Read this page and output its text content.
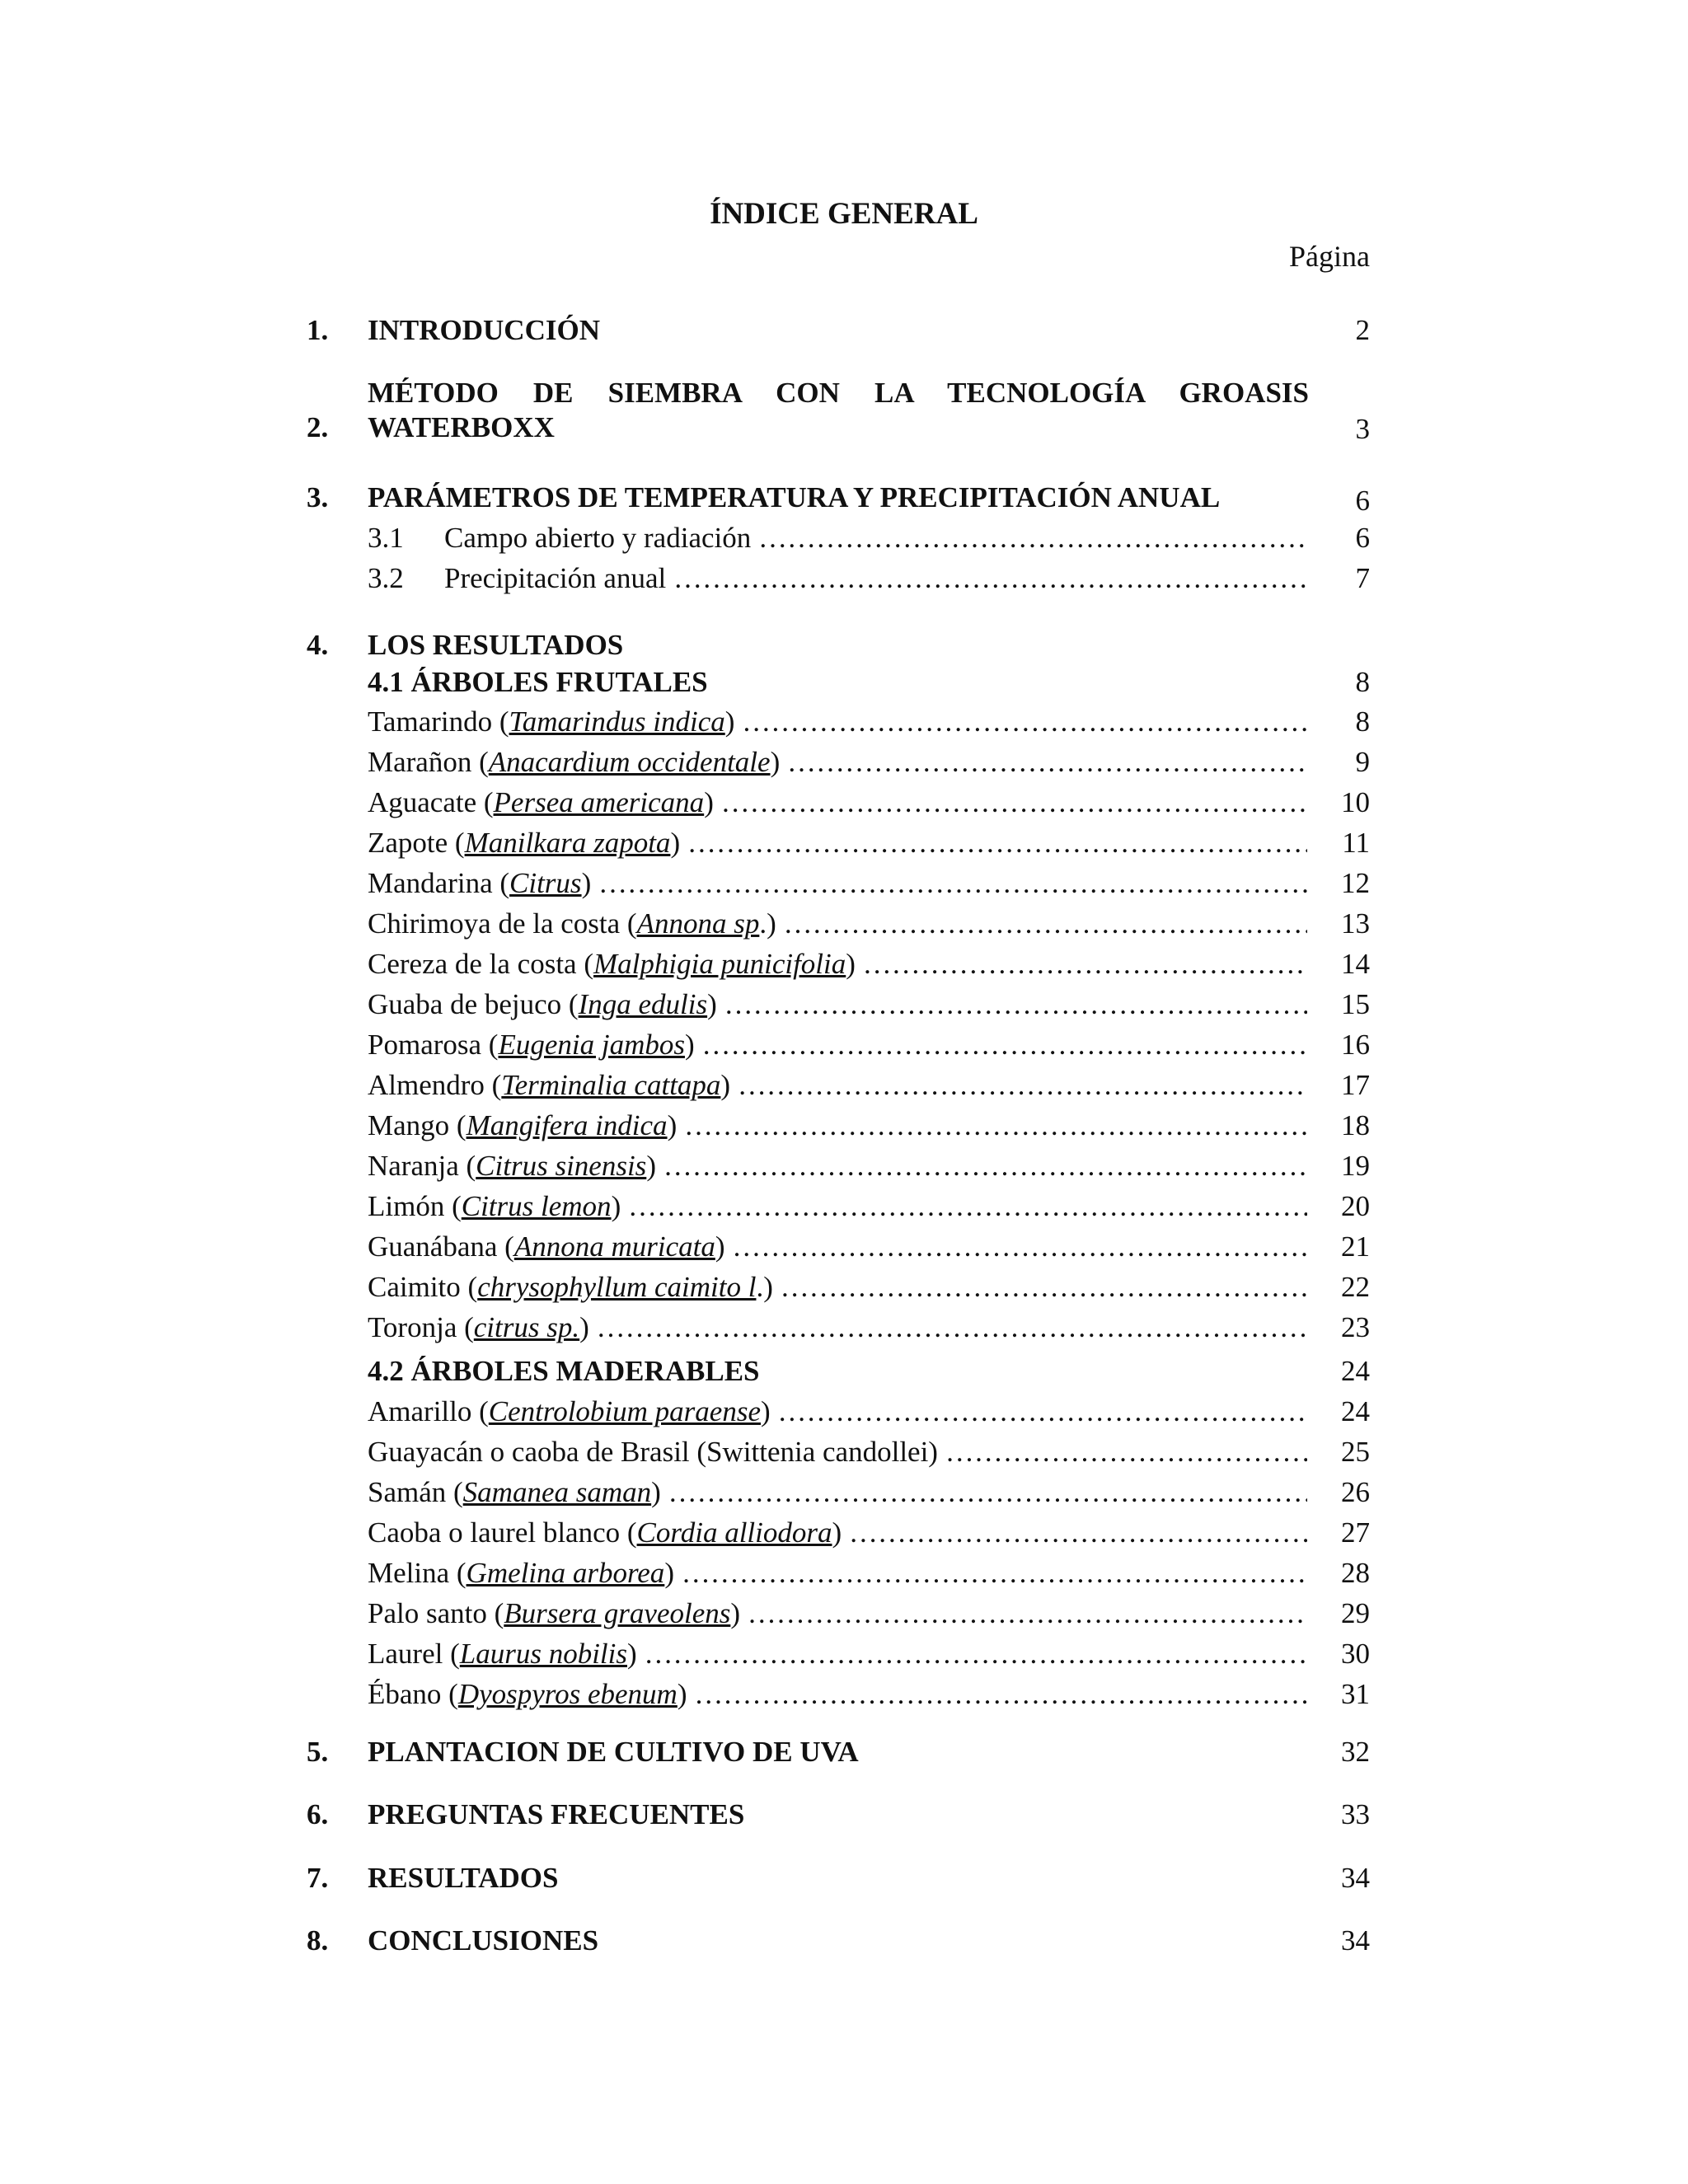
ÍNDICE GENERAL
Página
1. INTRODUCCIÓN	2
2.
MÉTODO DE SIEMBRA CON LA TECNOLOGÍA GROASIS
WATERBOXX	3
3. PARÁMETROS DE TEMPERATURA Y PRECIPITACIÓN ANUAL	6
3.1 Campo abierto y radiación ……………………………………………………………………………………………	6
3.2 Precipitación anual ……………………………………………………………………………………………	7
4. LOS RESULTADOS
4.1 ÁRBOLES FRUTALES	8
Tamarindo (Tamarindus indica) ……………………………………………………………………………………………………	8
Marañon (Anacardium occidentale) ……………………………………………………………………………………………………	9
Aguacate (Persea americana) ……………………………………………………………………………………………………	10
Zapote (Manilkara zapota) ……………………………………………………………………………………………………	11
Mandarina (Citrus) ……………………………………………………………………………………………………	12
Chirimoya de la costa (Annona sp.) ……………………………………………………………………………………………………	13
Cereza de la costa (Malphigia punicifolia) ……………………………………………………………………………………………………	14
Guaba de bejuco (Inga edulis) ……………………………………………………………………………………………………	15
Pomarosa (Eugenia jambos) ……………………………………………………………………………………………………	16
Almendro (Terminalia cattapa) ……………………………………………………………………………………………………	17
Mango (Mangifera indica) ……………………………………………………………………………………………………	18
Naranja (Citrus sinensis) ……………………………………………………………………………………………………	19
Limón (Citrus lemon) ……………………………………………………………………………………………………	20
Guanábana (Annona muricata) ……………………………………………………………………………………………………	21
Caimito (chrysophyllum caimito l.) ……………………………………………………………………………………………………	22
Toronja (citrus sp.) ……………………………………………………………………………………………………	23
4.2 ÁRBOLES MADERABLES	24
Amarillo (Centrolobium paraense) ……………………………………………………………………………………………………	24
Guayacán o caoba de Brasil (Swittenia candollei) ……………………………………………………………………………………………………	25
Samán (Samanea saman) ……………………………………………………………………………………………………	26
Caoba o laurel blanco (Cordia alliodora) ……………………………………………………………………………………………………	27
Melina (Gmelina arborea) ……………………………………………………………………………………………………	28
Palo santo (Bursera graveolens) ……………………………………………………………………………………………………	29
Laurel (Laurus nobilis) ……………………………………………………………………………………………………	30
Ébano (Dyospyros ebenum) ……………………………………………………………………………………………………	31
5. PLANTACION DE CULTIVO DE UVA	32
6. PREGUNTAS FRECUENTES	33
7. RESULTADOS	34
8. CONCLUSIONES	34
